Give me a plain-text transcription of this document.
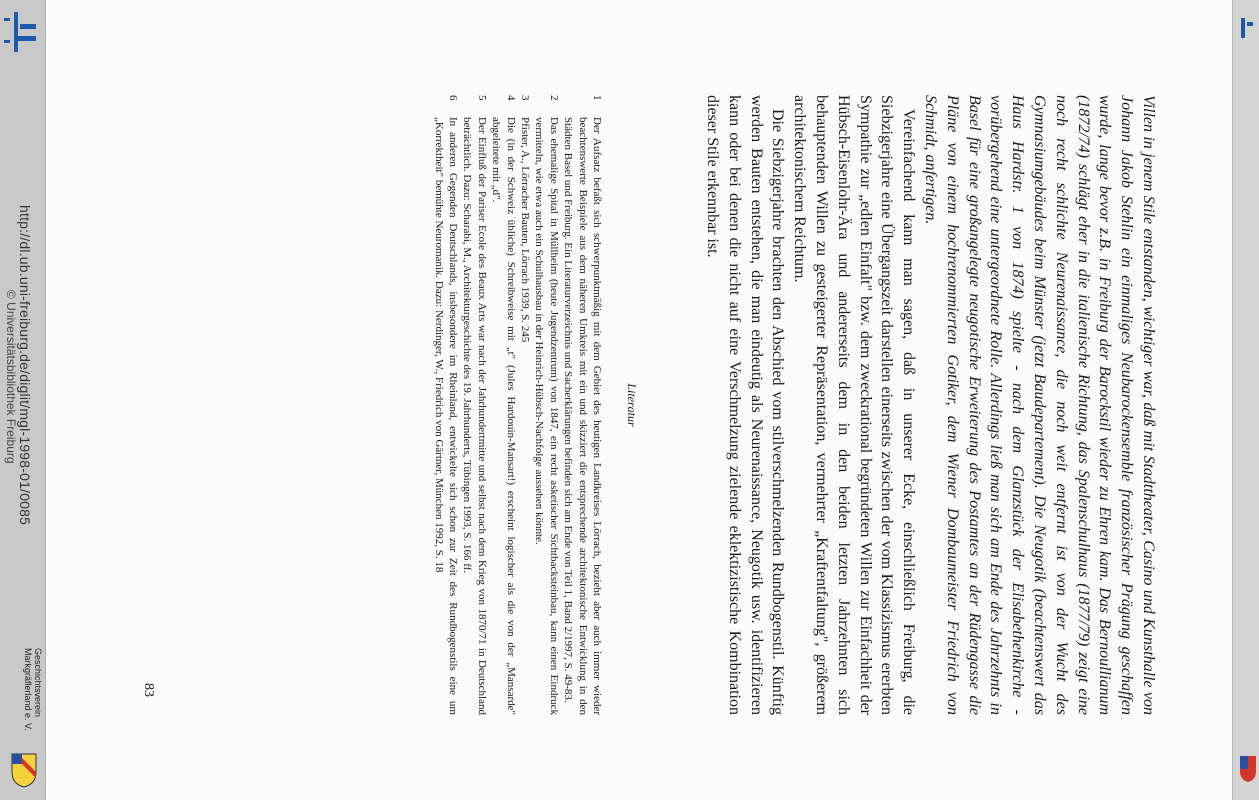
http://dl.ub.uni-freiburg.de/diglit/mgl-1998-01/0085
© Universitätsbibliothek Freiburg
Geschichtsverein
Markgräflerland e. V.	Villen in jenem Stile entstanden, wichtiger war, daß mit Stadttheater, Casino und Kunsthalle von Johann Jakob Stehlin ein einmaliges Neubarockensemble französischer Prägung geschaffen wurde, lange bevor z.B. in Freiburg der Barockstil wieder zu Ehren kam. Das Bernoullianum (1872/74) schlägt eher in die italienische Richtung, das Spalenschulhaus (1877/79) zeigt eine noch recht schlichte Neurenaissance, die noch weit entfernt ist von der Wucht des Gymnasiumgebäudes beim Münster (jetzt Baudepartement). Die Neugotik (beachtenswert das Haus Hardstr. 1 von 1874) spielte - nach dem Glanzstück der Elisabethenkirche - vorübergehend eine untergeordnete Rolle. Allerdings ließ man sich am Ende des Jahrzehnts in Basel für eine großangelegte neugotische Erweiterung des Postamtes an der Rüdengasse die Pläne von einem hochrenommierten Gotiker, dem Wiener Dombaumeister Friedrich von Schmidt, anfertigen.

Vereinfachend kann man sagen, daß in unserer Ecke, einschließlich Freiburg, die Siebzigerjahre eine Übergangszeit darstellen einerseits zwischen der vom Klassizismus ererbten Sympathie zur „edlen Einfalt" bzw. dem zweckrational begründeten Willen zur Einfachheit der Hübsch-Eisenlohr-Ära und andererseits dem in den beiden letzten Jahrzehnten sich behauptenden Willen zu gesteigerter Repräsentation, vermehrter „Kraftentfaltung", größerem architektonischem Reichtum.

Die Siebzigerjahre brachten den Abschied vom stilverschmelzenden Rundbogenstil. Künftig werden Bauten entstehen, die man eindeutig als Neurenaissance, Neugotik usw. identifizieren kann oder bei denen die nicht auf eine Verschmelzung zielende eklektizistische Kombination dieser Stile erkennbar ist.

Literatur
1
Der Aufsatz befaßt sich schwerpunktmäßig mit dem Gebiet des heutigen Landkreises Lörrach, bezieht aber auch immer wieder beachtenswerte Beispiele aus dem näheren Umkreis mit ein und skizziert die entsprechende architektonische Entwicklung in den Städten Basel und Freiburg. Ein Literaturverzeichnis und Sacherklärungen befinden sich am Ende von Teil 1, Band 2/1997, S. 49-83.
2
Das ehemalige Spital in Müllheim (heute Jugendzentrum) von 1847, ein recht asketischer Sichtbacksteinbau, kann einen Eindruck vermitteln, wie etwa auch ein Schulhausbau in der Heinrich-Hübsch-Nachfolge aussehen könnte.
3
Pfister, A., Lörracher Bauten, Lörrach 1939, S. 245
4
Die (in der Schweiz übliche) Schreibweise mit „t" (Jules Hardouin-Mansart!) erscheint logischer als die von der „Mansarde" abgeleitete mit „d".
5
Der Einfluß der Pariser Ecole des Beaux Arts war nach der Jahrhundertmitte und selbst nach dem Krieg von 1870/71 in Deutschland beträchtlich. Dazu: Scharabi, M., Architekturgeschichte des 19. Jahrhunderts, Tübingen 1993, S. 166 ff.
6
In anderen Gegenden Deutschlands, insbesondere im Rheinland, entwickelte sich schon zur Zeit des Rundbogenstils eine um „Korrektheit" bemühte Neuromanik. Dazu: Nerdinger, W., Friedrich von Gärtner, München 1992, S. 18
83
